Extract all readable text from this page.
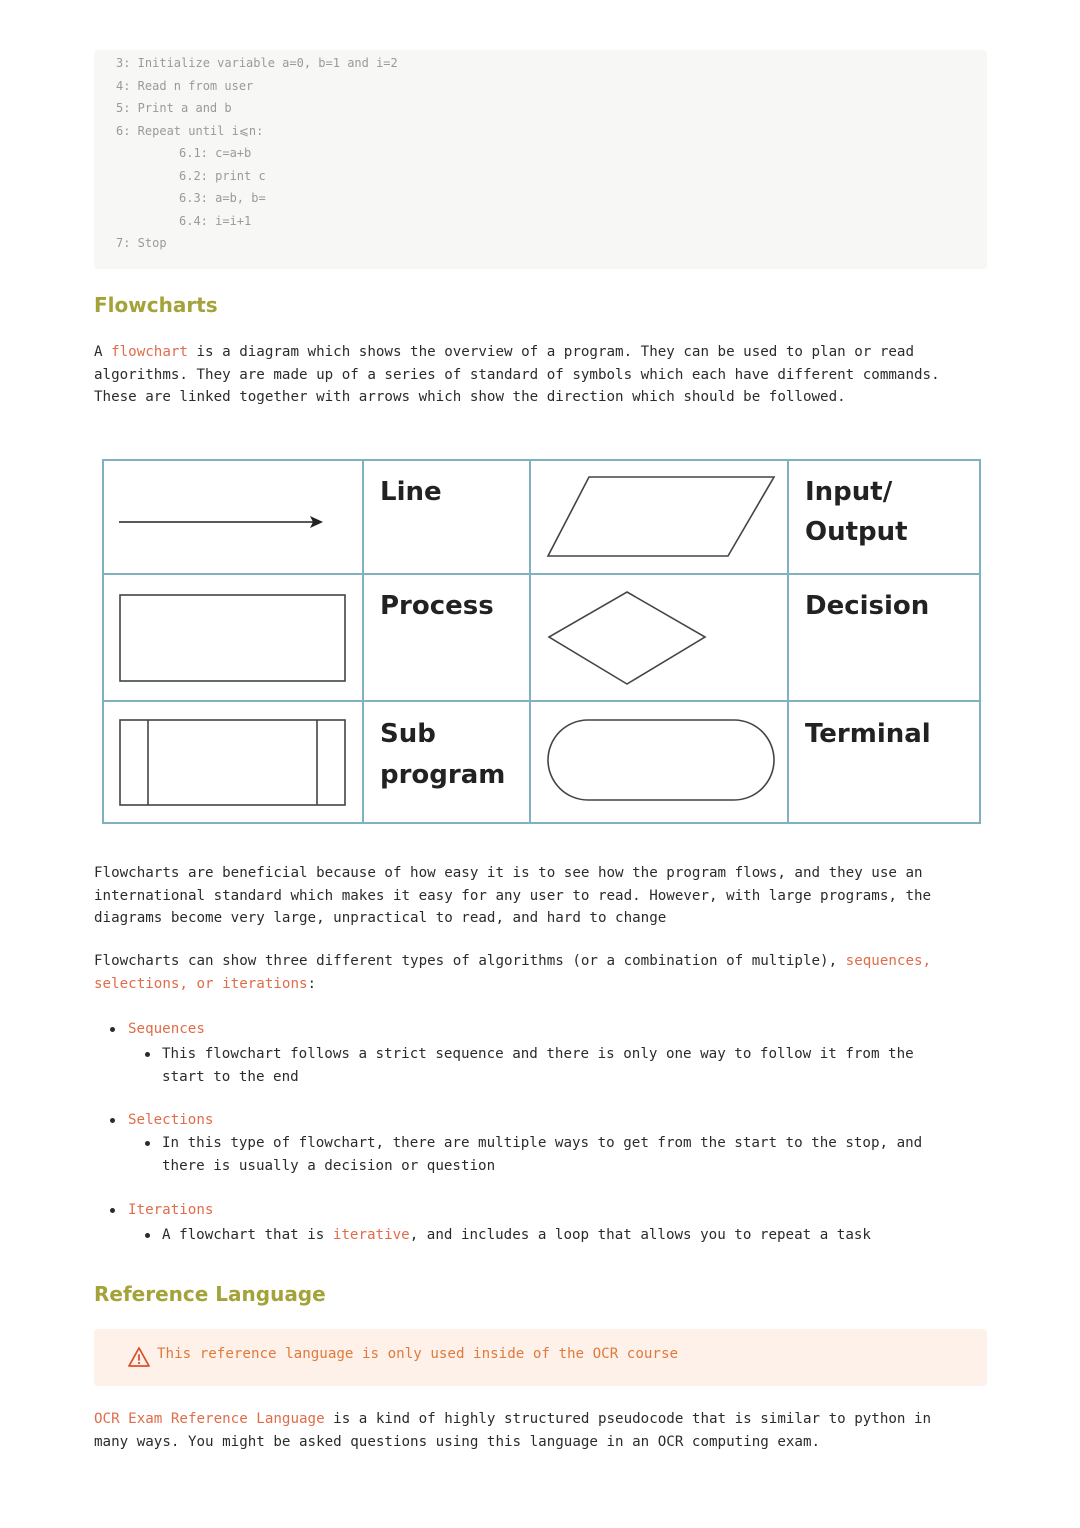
3: Initialize variable a=0, b=1 and i=2
4: Read n from user
5: Print a and b
6: Repeat until i⩽n:
6.1: c=a+b
6.2: print c
6.3: a=b, b=
6.4: i=i+1
7: Stop
Flowcharts
A flowchart is a diagram which shows the overview of a program. They can be used to plan or read
algorithms. They are made up of a series of standard of symbols which each have different commands.
These are linked together with arrows which show the direction which should be followed.
Line	Input/
Output
Process	Decision
Sub
program
Terminal
Flowcharts are beneficial because of how easy it is to see how the program flows, and they use an
international standard which makes it easy for any user to read. However, with large programs, the
diagrams become very large, unpractical to read, and hard to change
Flowcharts can show three different types of algorithms (or a combination of multiple), sequences,
selections, or iterations:
Sequences
This flowchart follows a strict sequence and there is only one way to follow it from the
start to the end
Selections
In this type of flowchart, there are multiple ways to get from the start to the stop, and
there is usually a decision or question
Iterations
A flowchart that is iterative, and includes a loop that allows you to repeat a task
Reference Language
This reference language is only used inside of the OCR course
OCR Exam Reference Language is a kind of highly structured pseudocode that is similar to python in
many ways. You might be asked questions using this language in an OCR computing exam.
